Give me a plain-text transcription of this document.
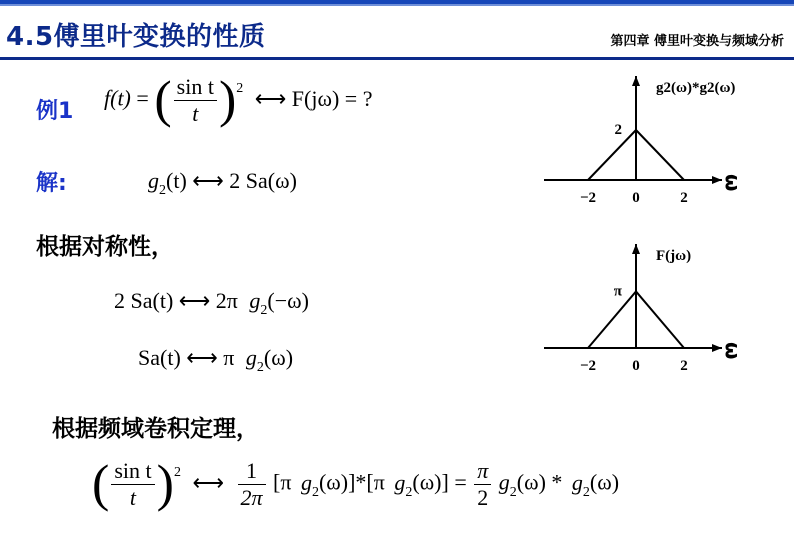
4.5傅里叶变换的性质	第四章 傅里叶变换与频域分析
例1
f(t) = ( $\frac{\text{sin t}}{t} )^2$ ⟷ F(jω) = ?
解:	$g_2(t)$ ⟷ 2 Sa(ω)
根据对称性，
2 Sa(t) ⟷ 2π $g_2(-\omega)$
Sa(t) ⟷ π $g_2(\omega)$
根据频域卷积定理，
( $\frac{\text{sin t}}{t} )^2$ ⟷ $\frac{1}{2\pi} [\pi$ $g_2(\omega)]*[\pi$ $g_2(\omega)] = \frac{\pi}{2} g_2(\omega) * g_2(\omega)$
−2 0	2
2
ω
g2(ω)*g2(ω)
−2 0	2
π
ω
F(jω)
